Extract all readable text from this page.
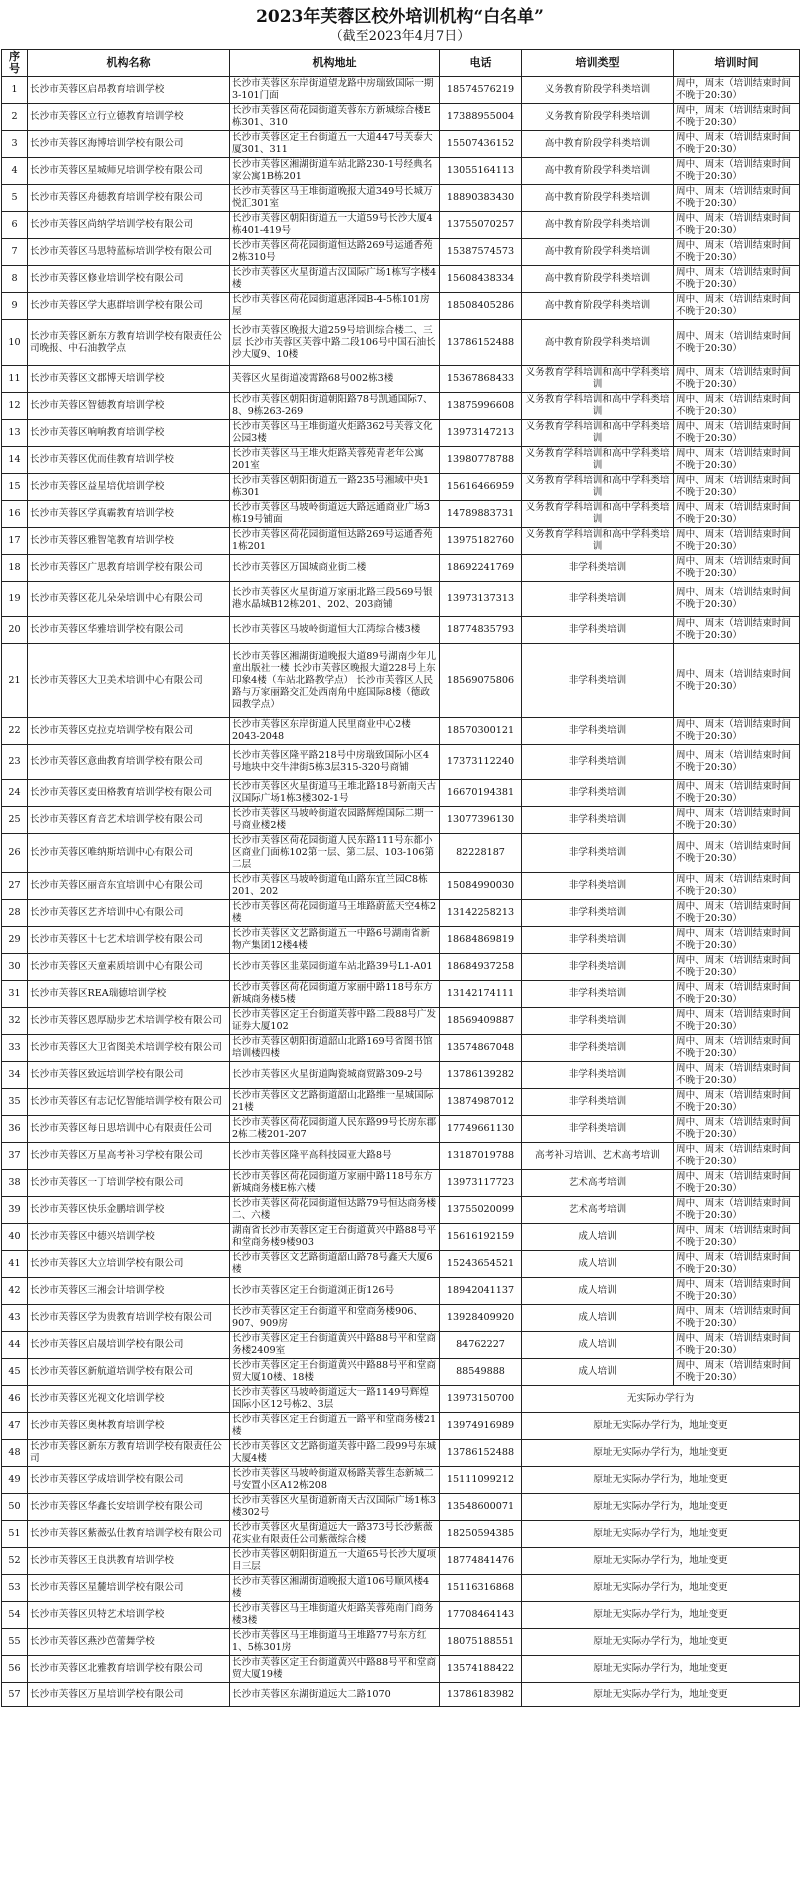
2023年芙蓉区校外培训机构“白名单”
（截至2023年4月7日）
序号	机构名称	机构地址	电话	培训类型	培训时间
1	长沙市芙蓉区启昂教育培训学校	长沙市芙蓉区东岸街道望龙路中房瑞致国际一期3-101门面	18574576219	义务教育阶段学科类培训	周中，周末（培训结束时间不晚于20:30）
2	长沙市芙蓉区立行立德教育培训学校	长沙市芙蓉区荷花园街道芙蓉东方新城综合楼E栋301、310	17388955004	义务教育阶段学科类培训	周中，周末（培训结束时间不晚于20:30）
3	长沙市芙蓉区海博培训学校有限公司	长沙市芙蓉区定王台街道五一大道447号芙泰大厦301、311	15507436152	高中教育阶段学科类培训	周中、周末（培训结束时间不晚于20:30）
4	长沙市芙蓉区星城师兄培训学校有限公司	长沙市芙蓉区湘湖街道车站北路230-1号经典名家公寓1B栋201	13055164113	高中教育阶段学科类培训	周中、周末（培训结束时间不晚于20:30）
5	长沙市芙蓉区舟德教育培训学校有限公司	长沙市芙蓉区马王堆街道晚报大道349号长城万悦汇301室	18890383430	高中教育阶段学科类培训	周中、周末（培训结束时间不晚于20:30）
6	长沙市芙蓉区尚纳学培训学校有限公司	长沙市芙蓉区朝阳街道五一大道59号长沙大厦4栋401-419号	13755070257	高中教育阶段学科类培训	周中、周末（培训结束时间不晚于20:30）
7	长沙市芙蓉区马思特蓝标培训学校有限公司	长沙市芙蓉区荷花园街道恒达路269号运通香苑2栋310号	15387574573	高中教育阶段学科类培训	周中、周末（培训结束时间不晚于20:30）
8	长沙市芙蓉区修业培训学校有限公司	长沙市芙蓉区火星街道古汉国际广场1栋写字楼4楼	15608438334	高中教育阶段学科类培训	周中、周末（培训结束时间不晚于20:30）
9	长沙市芙蓉区学大惠群培训学校有限公司	长沙市芙蓉区荷花园街道惠泽园B-4-5栋101房屋	18508405286	高中教育阶段学科类培训	周中、周末（培训结束时间不晚于20:30）
10	长沙市芙蓉区新东方教育培训学校有限责任公司晚报、中石油教学点	长沙市芙蓉区晚报大道259号培训综合楼二、三层 长沙市芙蓉区芙蓉中路二段106号中国石油长沙大厦9、10楼	13786152488	高中教育阶段学科类培训	周中、周末（培训结束时间不晚于20:30）
11	长沙市芙蓉区文郡博天培训学校	芙蓉区火星街道凌霄路68号002栋3楼	15367868433	义务教育学科培训和高中学科类培训	周中、周末（培训结束时间不晚于20:30）
12	长沙市芙蓉区智德教育培训学校	长沙市芙蓉区朝阳街道朝阳路78号凯通国际7、8、9栋263-269	13875996608	义务教育学科培训和高中学科类培训	周中、周末（培训结束时间不晚于20:30）
13	长沙市芙蓉区响响教育培训学校	长沙市芙蓉区马王堆街道火炬路362号芙蓉文化公园3楼	13973147213	义务教育学科培训和高中学科类培训	周中、周末（培训结束时间不晚于20:30）
14	长沙市芙蓉区优而佳教育培训学校	长沙市芙蓉区马王堆火炬路芙蓉苑青老年公寓201室	13980778788	义务教育学科培训和高中学科类培训	周中、周末（培训结束时间不晚于20:30）
15	长沙市芙蓉区益星培优培训学校	长沙市芙蓉区朝阳街道五一路235号湘域中央1栋301	15616466959	义务教育学科培训和高中学科类培训	周中、周末（培训结束时间不晚于20:30）
16	长沙市芙蓉区学真霸教育培训学校	长沙市芙蓉区马坡岭街道远大路远通商业广场3栋19号铺面	14789883731	义务教育学科培训和高中学科类培训	周中、周末（培训结束时间不晚于20:30）
17	长沙市芙蓉区雅智笔教育培训学校	长沙市芙蓉区荷花园街道恒达路269号运通香苑1栋201	13975182760	义务教育学科培训和高中学科类培训	周中、周末（培训结束时间不晚于20:30）
18	长沙市芙蓉区广思教育培训学校有限公司	长沙市芙蓉区万国城商业街二楼	18692241769	非学科类培训	周中、周末（培训结束时间不晚于20:30）
19	长沙市芙蓉区花儿朵朵培训中心有限公司	长沙市芙蓉区火星街道万家丽北路三段569号银港水晶城B12栋201、202、203商铺	13973137313	非学科类培训	周中、周末（培训结束时间不晚于20:30）
20	长沙市芙蓉区华雅培训学校有限公司	长沙市芙蓉区马坡岭街道恒大江湾综合楼3楼	18774835793	非学科类培训	周中、周末（培训结束时间不晚于20:30）
21	长沙市芙蓉区大卫美术培训中心有限公司	长沙市芙蓉区湘湖街道晚报大道89号湖南少年儿童出版社一楼 长沙市芙蓉区晚报大道228号上东印象4楼（车站北路教学点） 长沙市芙蓉区人民路与万家丽路交汇处西南角中庭国际8楼（德政园教学点）	18569075806	非学科类培训	周中、周末（培训结束时间不晚于20:30）
22	长沙市芙蓉区克拉克培训学校有限公司	长沙市芙蓉区东岸街道人民里商业中心2楼2043-2048	18570300121	非学科类培训	周中、周末（培训结束时间不晚于20:30）
23	长沙市芙蓉区意曲教育培训学校有限公司	长沙市芙蓉区隆平路218号中房瑞致国际小区4号地块中交牛津街5栋3层315-320号商铺	17373112240	非学科类培训	周中、周末（培训结束时间不晚于20:30）
24	长沙市芙蓉区麦田格教育培训学校有限公司	长沙市芙蓉区火星街道马王堆北路18号新南天古汉国际广场1栋3楼302-1号	16670194381	非学科类培训	周中、周末（培训结束时间不晚于20:30）
25	长沙市芙蓉区育音艺术培训学校有限公司	长沙市芙蓉区马坡岭街道农园路辉煌国际二期一号商业楼2楼	13077396130	非学科类培训	周中、周末（培训结束时间不晚于20:30）
26	长沙市芙蓉区唯纳斯培训中心有限公司	长沙市芙蓉区荷花园街道人民东路111号东都小区商业门面栋102第一层、第二层、103-106第二层	82228187	非学科类培训	周中、周末（培训结束时间不晚于20:30）
27	长沙市芙蓉区丽音东宜培训中心有限公司	长沙市芙蓉区马坡岭街道龟山路东宜兰园C8栋201、202	15084990030	非学科类培训	周中、周末（培训结束时间不晚于20:30）
28	长沙市芙蓉区艺齐培训中心有限公司	长沙市芙蓉区荷花园街道马王堆路蔚蓝天空4栋2楼	13142258213	非学科类培训	周中、周末（培训结束时间不晚于20:30）
29	长沙市芙蓉区十七艺术培训学校有限公司	长沙市芙蓉区文艺路街道五一中路6号湖南省新物产集团12楼4楼	18684869819	非学科类培训	周中、周末（培训结束时间不晚于20:30）
30	长沙市芙蓉区天童素质培训中心有限公司	长沙市芙蓉区韭菜园街道车站北路39号L1-A01	18684937258	非学科类培训	周中、周末（培训结束时间不晚于20:30）
31	长沙市芙蓉区REA瑞德培训学校	长沙市芙蓉区荷花园街道万家丽中路118号东方新城商务楼5楼	13142174111	非学科类培训	周中、周末（培训结束时间不晚于20:30）
32	长沙市芙蓉区恩厚励步艺术培训学校有限公司	长沙市芙蓉区定王台街道芙蓉中路二段88号广发证券大厦102	18569409887	非学科类培训	周中、周末（培训结束时间不晚于20:30）
33	长沙市芙蓉区大卫省图美术培训学校有限公司	长沙市芙蓉区朝阳街道韶山北路169号省图书馆培训楼四楼	13574867048	非学科类培训	周中、周末（培训结束时间不晚于20:30）
34	长沙市芙蓉区致远培训学校有限公司	长沙市芙蓉区火星街道陶瓷城商贸路309-2号	13786139282	非学科类培训	周中、周末（培训结束时间不晚于20:30）
35	长沙市芙蓉区有志记忆智能培训学校有限公司	长沙市芙蓉区文艺路街道韶山北路维一星城国际21楼	13874987012	非学科类培训	周中、周末（培训结束时间不晚于20:30）
36	长沙市芙蓉区每日思培训中心有限责任公司	长沙市芙蓉区荷花园街道人民东路99号长房东郡2栋二楼201-207	17749661130	非学科类培训	周中、周末（培训结束时间不晚于20:30）
37	长沙市芙蓉区万星高考补习学校有限公司	长沙市芙蓉区隆平高科技园亚大路8号	13187019788	高考补习培训、艺术高考培训	周中、周末（培训结束时间不晚于20:30）
38	长沙市芙蓉区一丁培训学校有限公司	长沙市芙蓉区荷花园街道万家丽中路118号东方新城商务楼E栋六楼	13973117723	艺术高考培训	周中、周末（培训结束时间不晚于20:30）
39	长沙市芙蓉区快乐金鹏培训学校	长沙市芙蓉区荷花园街道恒达路79号恒达商务楼二、六楼	13755020099	艺术高考培训	周中、周末（培训结束时间不晚于20:30）
40	长沙市芙蓉区中德兴培训学校	湖南省长沙市芙蓉区定王台街道黄兴中路88号平和堂商务楼9楼903	15616192159	成人培训	周中、周末（培训结束时间不晚于20:30）
41	长沙市芙蓉区大立培训学校有限公司	长沙市芙蓉区文艺路街道韶山路78号鑫天大厦6楼	15243654521	成人培训	周中、周末（培训结束时间不晚于20:30）
42	长沙市芙蓉区三湘会计培训学校	长沙市芙蓉区定王台街道浏正街126号	18942041137	成人培训	周中、周末（培训结束时间不晚于20:30）
43	长沙市芙蓉区学为贵教育培训学校有限公司	长沙市芙蓉区定王台街道平和堂商务楼906、907、909房	13928409920	成人培训	周中、周末（培训结束时间不晚于20:30）
44	长沙市芙蓉区启晟培训学校有限公司	长沙市芙蓉区定王台街道黄兴中路88号平和堂商务楼2409室	84762227	成人培训	周中、周末（培训结束时间不晚于20:30）
45	长沙市芙蓉区新航道培训学校有限公司	长沙市芙蓉区定王台街道黄兴中路88号平和堂商贸大厦10楼、18楼	88549888	成人培训	周中、周末（培训结束时间不晚于20:30）
46	长沙市芙蓉区光视文化培训学校	长沙市芙蓉区马坡岭街道远大一路1149号辉煌国际小区12号栋2、3层	13973150700	无实际办学行为	
47	长沙市芙蓉区奥林教育培训学校	长沙市芙蓉区定王台街道五一路平和堂商务楼21楼	13974916989	原址无实际办学行为，地址变更	
48	长沙市芙蓉区新东方教育培训学校有限责任公司	长沙市芙蓉区文艺路街道芙蓉中路二段99号东城大厦4楼	13786152488	原址无实际办学行为，地址变更	
49	长沙市芙蓉区学成培训学校有限公司	长沙市芙蓉区马坡岭街道双杨路芙蓉生态新城二号安置小区A12栋208	15111099212	原址无实际办学行为，地址变更	
50	长沙市芙蓉区华鑫长安培训学校有限公司	长沙市芙蓉区火星街道新南天古汉国际广场1栋3楼302号	13548600071	原址无实际办学行为，地址变更	
51	长沙市芙蓉区紫薇弘仕教育培训学校有限公司	长沙市芙蓉区火星街道远大一路373号长沙紫薇花实业有限责任公司紫薇综合楼	18250594385	原址无实际办学行为，地址变更	
52	长沙市芙蓉区王良洪教育培训学校	长沙市芙蓉区朝阳街道五一大道65号长沙大厦项目三层	18774841476	原址无实际办学行为，地址变更	
53	长沙市芙蓉区星麓培训学校有限公司	长沙市芙蓉区湘湖街道晚报大道106号顺风楼4楼	15116316868	原址无实际办学行为，地址变更	
54	长沙市芙蓉区贝特艺术培训学校	长沙市芙蓉区马王堆街道火炬路芙蓉苑南门商务楼3楼	17708464143	原址无实际办学行为，地址变更	
55	长沙市芙蓉区燕沙芭蕾舞学校	长沙市芙蓉区马王堆街道马王堆路77号东方红1、5栋301房	18075188551	原址无实际办学行为，地址变更	
56	长沙市芙蓉区北雅教育培训学校有限公司	长沙市芙蓉区定王台街道黄兴中路88号平和堂商贸大厦19楼	13574188422	原址无实际办学行为，地址变更	
57	长沙市芙蓉区万星培训学校有限公司	长沙市芙蓉区东湖街道远大二路1070	13786183982	原址无实际办学行为，地址变更	
